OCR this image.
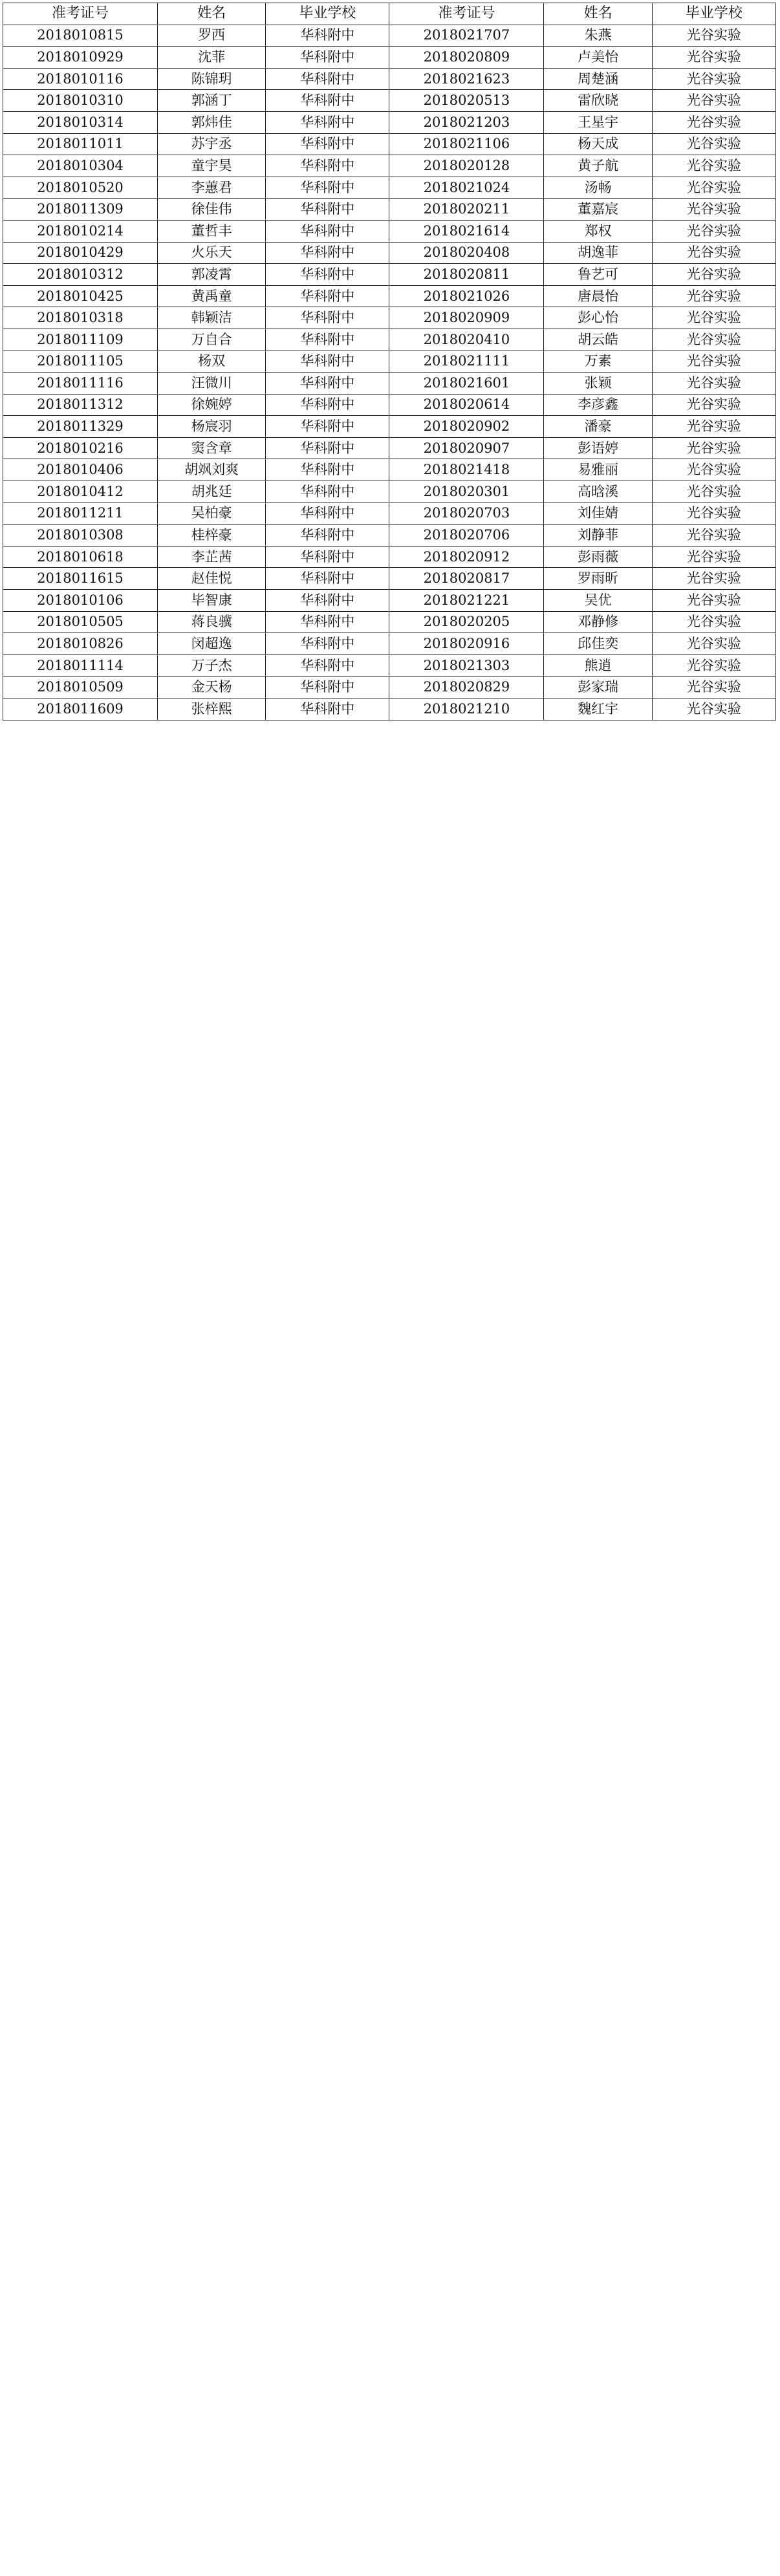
准考证号	姓名	毕业学校	准考证号	姓名	毕业学校
2018010815	罗西	华科附中	2018021707	朱燕	光谷实验
2018010929	沈菲	华科附中	2018020809	卢美怡	光谷实验
2018010116	陈锦玥	华科附中	2018021623	周楚涵	光谷实验
2018010310	郭涵丁	华科附中	2018020513	雷欣晓	光谷实验
2018010314	郭炜佳	华科附中	2018021203	王星宇	光谷实验
2018011011	苏宇丞	华科附中	2018021106	杨天成	光谷实验
2018010304	童宇昊	华科附中	2018020128	黄子航	光谷实验
2018010520	李蕙君	华科附中	2018021024	汤畅	光谷实验
2018011309	徐佳伟	华科附中	2018020211	董嘉宸	光谷实验
2018010214	董哲丰	华科附中	2018021614	郑权	光谷实验
2018010429	火乐天	华科附中	2018020408	胡逸菲	光谷实验
2018010312	郭凌霄	华科附中	2018020811	鲁艺可	光谷实验
2018010425	黄禹童	华科附中	2018021026	唐晨怡	光谷实验
2018010318	韩颖洁	华科附中	2018020909	彭心怡	光谷实验
2018011109	万自合	华科附中	2018020410	胡云皓	光谷实验
2018011105	杨双	华科附中	2018021111	万素	光谷实验
2018011116	汪微川	华科附中	2018021601	张颖	光谷实验
2018011312	徐婉婷	华科附中	2018020614	李彦鑫	光谷实验
2018011329	杨宸羽	华科附中	2018020902	潘豪	光谷实验
2018010216	窦含章	华科附中	2018020907	彭语婷	光谷实验
2018010406	胡飒刘爽	华科附中	2018021418	易雅丽	光谷实验
2018010412	胡兆廷	华科附中	2018020301	高晗溪	光谷实验
2018011211	吴柏豪	华科附中	2018020703	刘佳婧	光谷实验
2018010308	桂梓豪	华科附中	2018020706	刘静菲	光谷实验
2018010618	李芷茜	华科附中	2018020912	彭雨薇	光谷实验
2018011615	赵佳悦	华科附中	2018020817	罗雨昕	光谷实验
2018010106	毕智康	华科附中	2018021221	吴优	光谷实验
2018010505	蒋良骥	华科附中	2018020205	邓静修	光谷实验
2018010826	闵超逸	华科附中	2018020916	邱佳奕	光谷实验
2018011114	万子杰	华科附中	2018021303	熊逍	光谷实验
2018010509	金天杨	华科附中	2018020829	彭家瑞	光谷实验
2018011609	张梓熙	华科附中	2018021210	魏红宇	光谷实验
